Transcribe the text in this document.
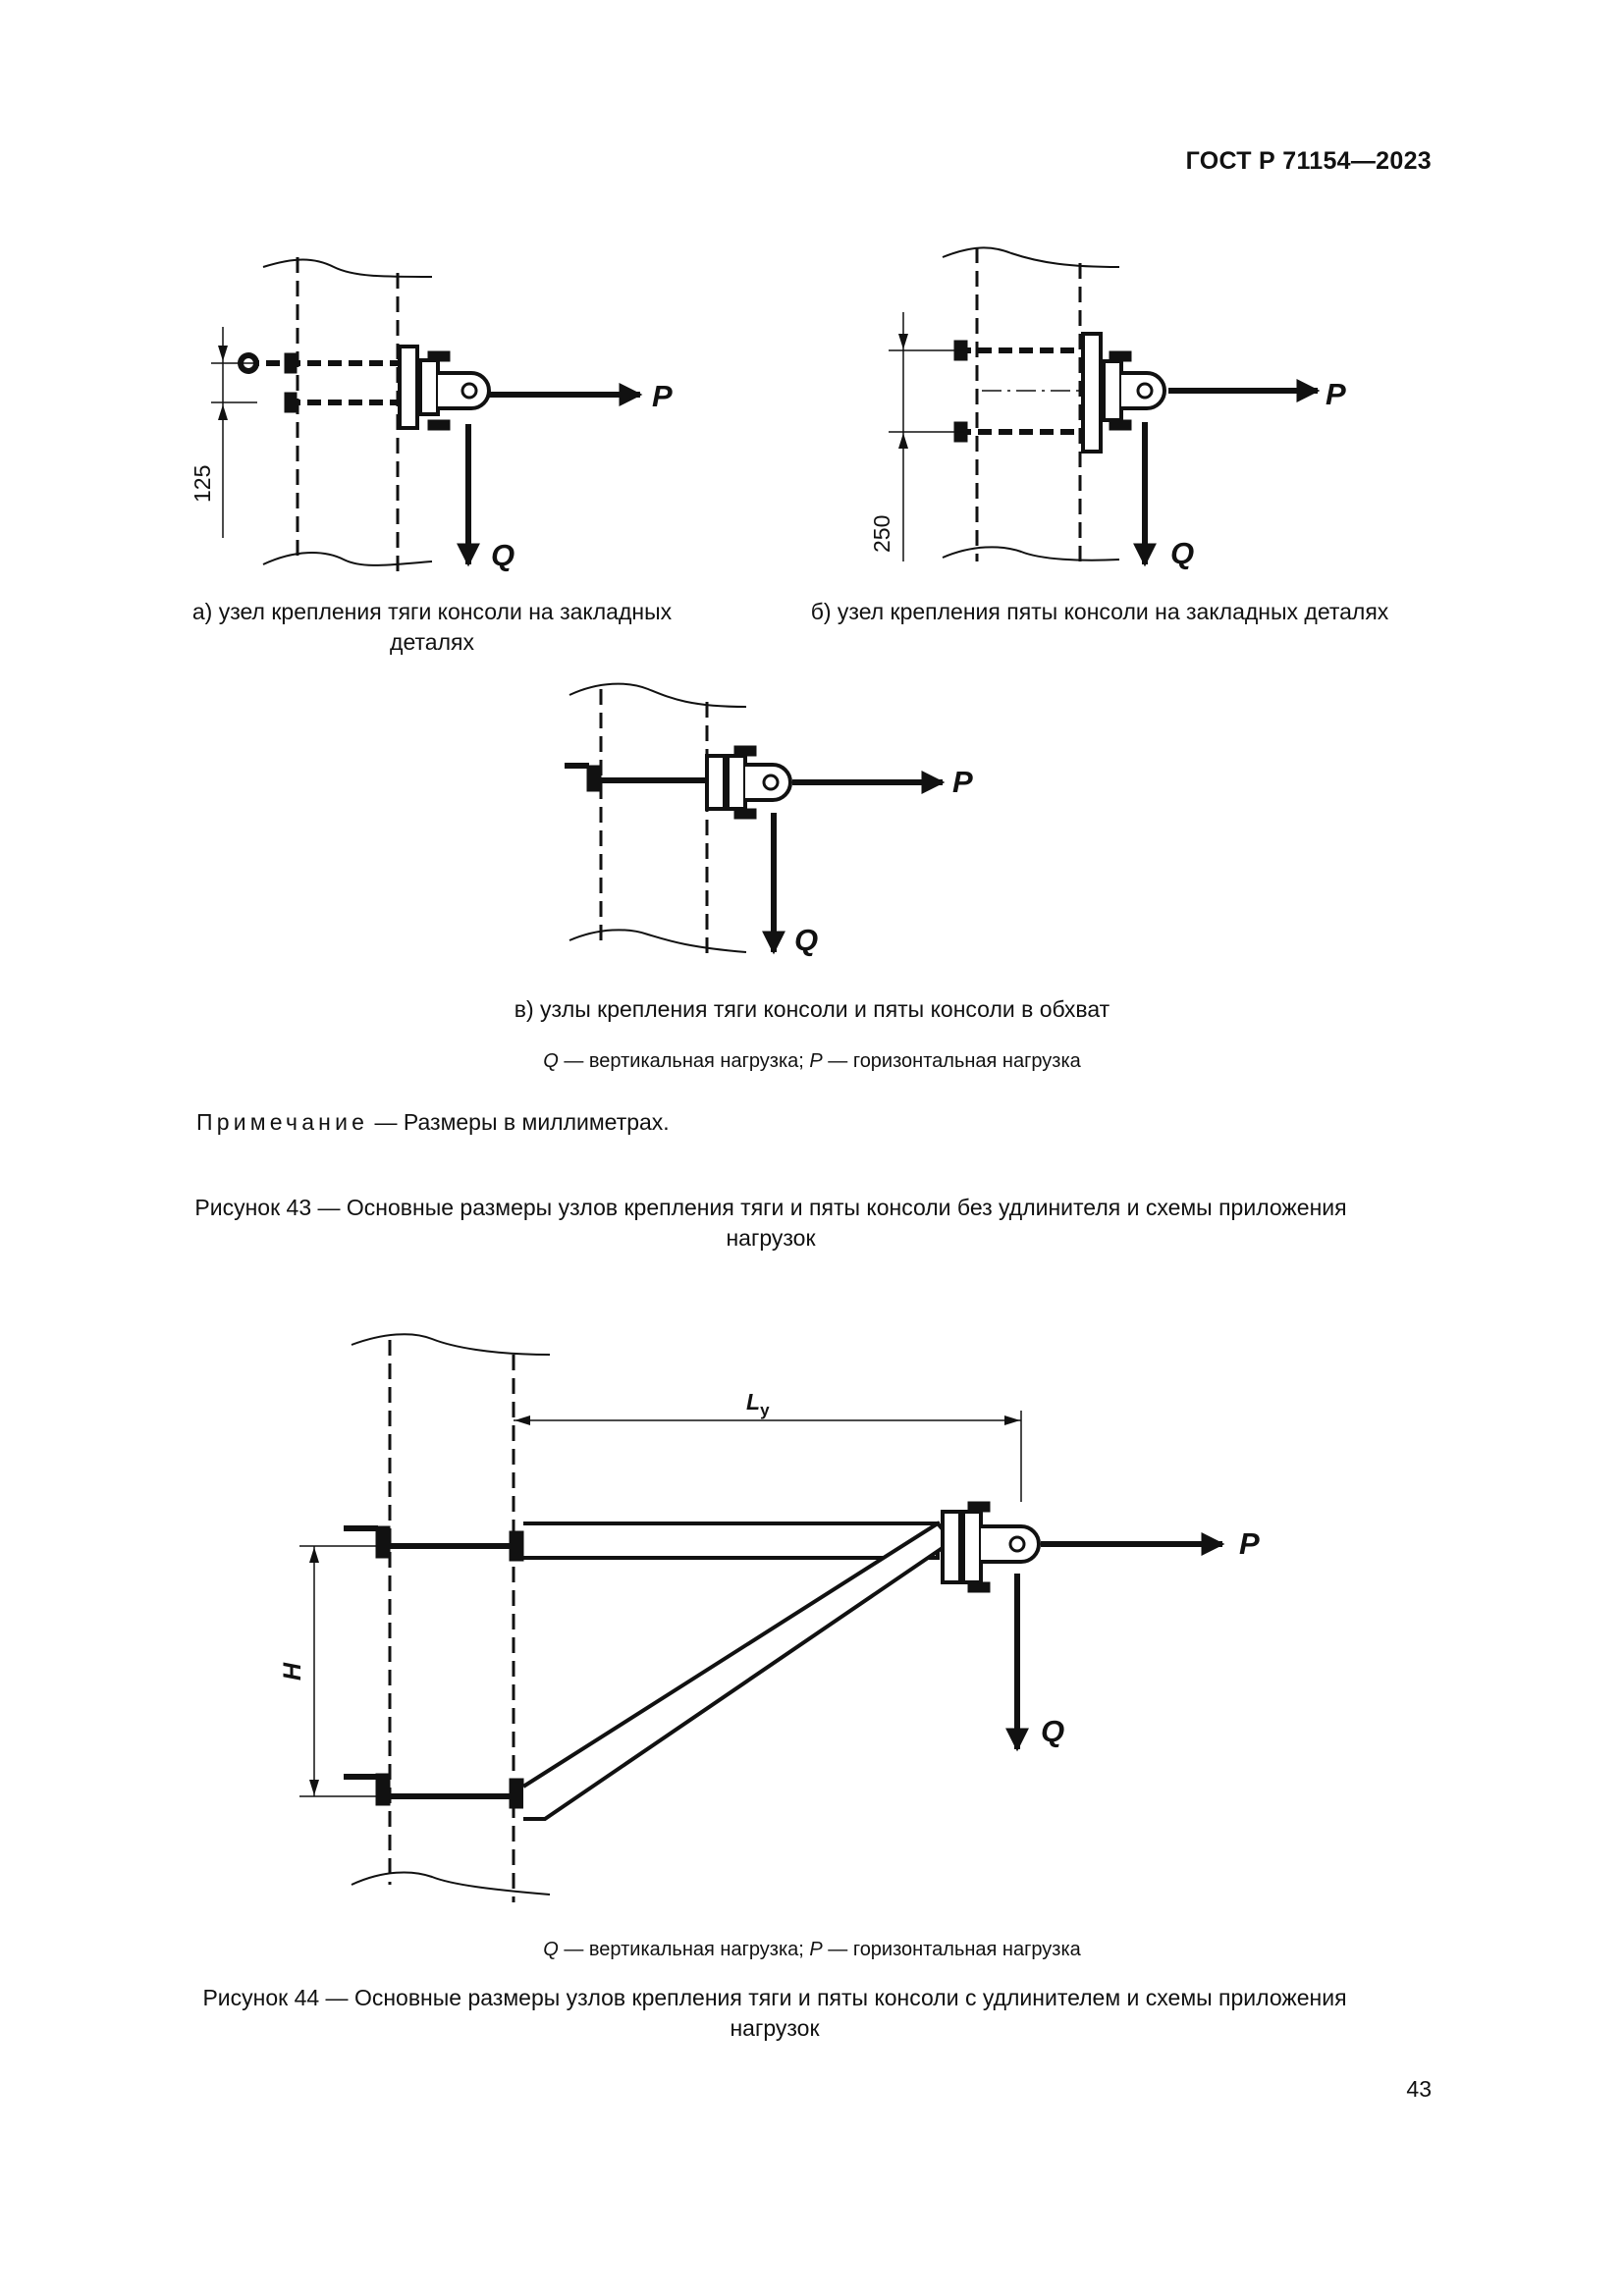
ГОСТ Р 71154—2023
125
P
Q
250
P
Q
P
Q
$L_у$
H
P
Q
а) узел крепления тяги консоли на закладных
деталях
б) узел крепления пяты консоли на закладных деталях
в) узлы крепления тяги консоли и пяты консоли в обхват
Q — вертикальная нагрузка; P — горизонтальная нагрузка
Примечание — Размеры в миллиметрах.
Рисунок 43 — Основные размеры узлов крепления тяги и пяты консоли без удлинителя и схемы приложения
нагрузок
Q — вертикальная нагрузка; P — горизонтальная нагрузка
Рисунок 44 — Основные размеры узлов крепления тяги и пяты консоли с удлинителем и схемы приложения
нагрузок
43
